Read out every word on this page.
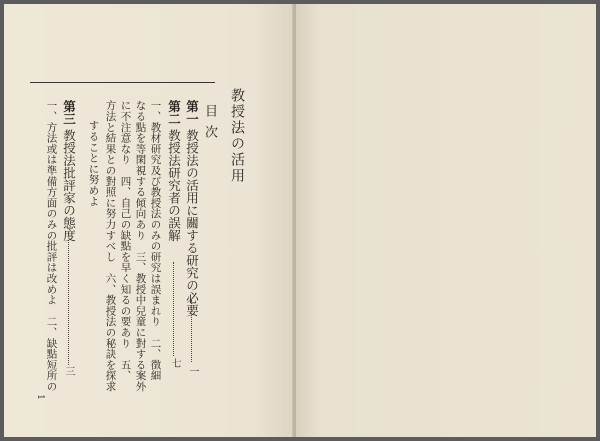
教授法の活用
目次
第一 教授法の活用に關する研究の必要
一
第二 教授法研究者の誤解
七
一、教材研究及び教授法のみの研究は誤まれり　二、徴細
なる點を等閑視する傾向あり　三、教授中兒童に對する案外
に不注意なり　四、自己の缺點を早く知るの要あり　五、
方法と結果との對照に努力すべし　六、教授法の秘訣を探求
することに努めよ
第三 教授法批評家の態度
三
一、方法或は準備方面のみの批評は改めよ　二、缺點短所の
1
